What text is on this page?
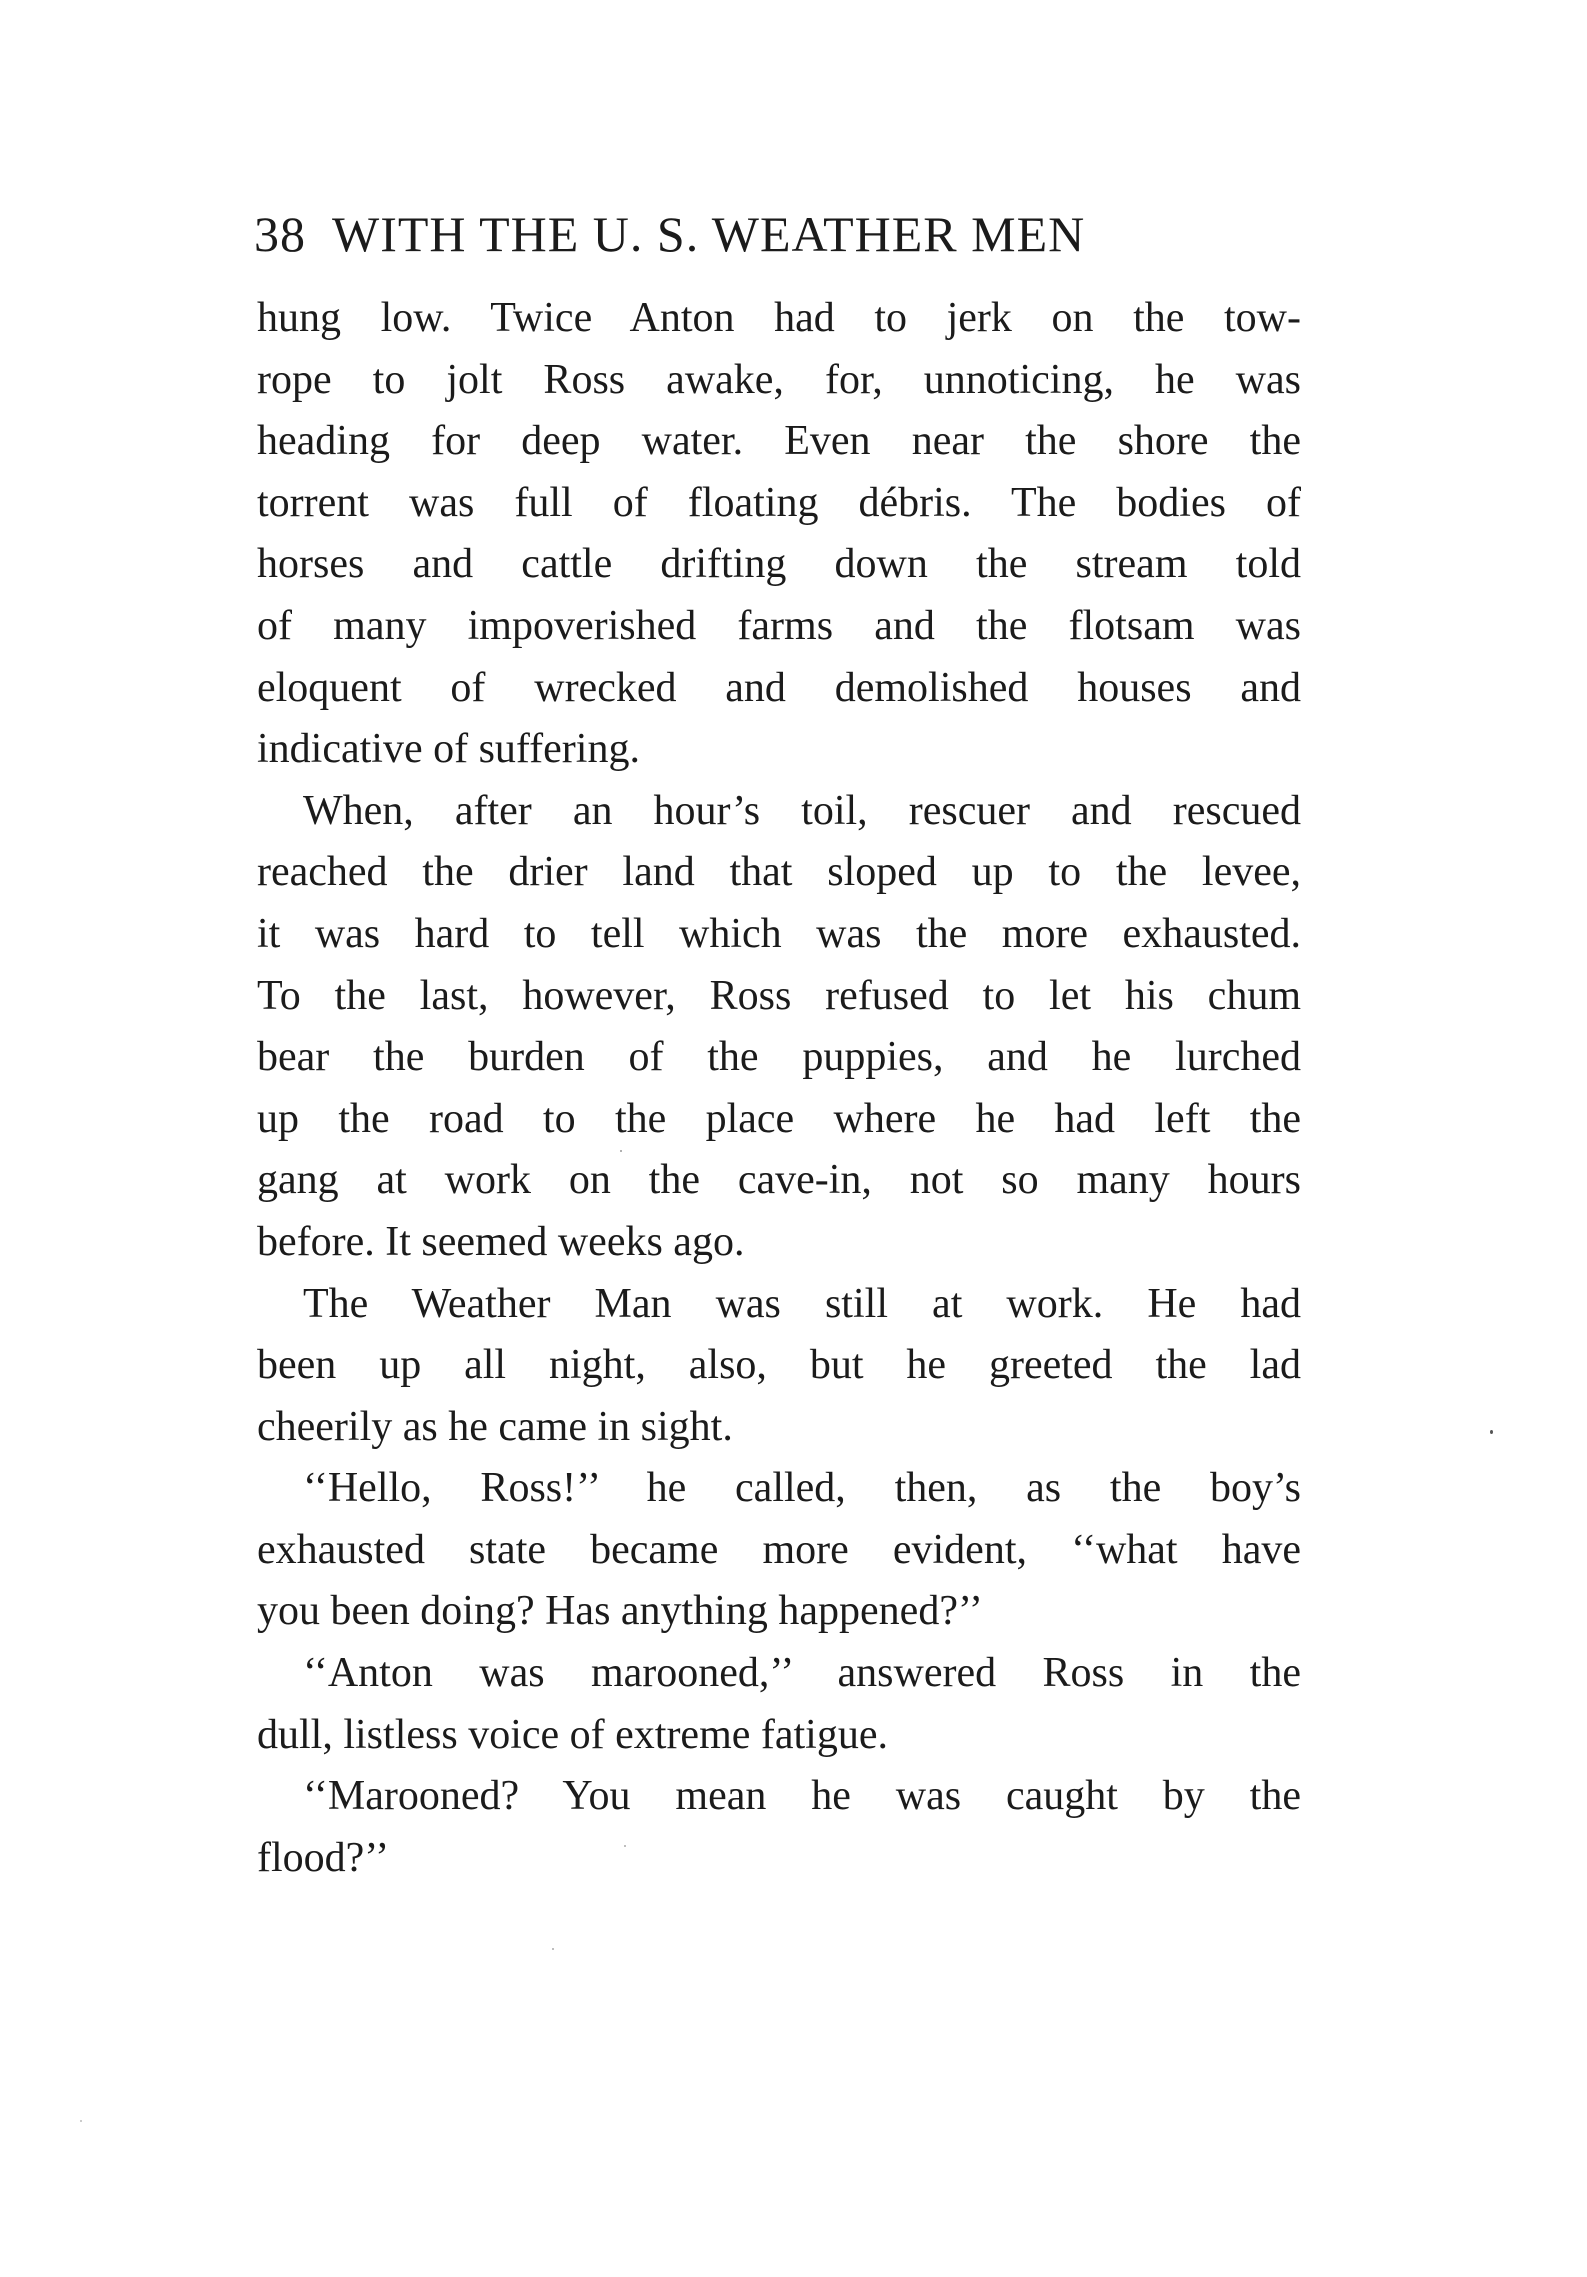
38 WITH THE U. S. WEATHER MEN
hung low. Twice Anton had to jerk on the tow-
rope to jolt Ross awake, for, unnoticing, he was
heading for deep water. Even near the shore the
torrent was full of floating débris. The bodies of
horses and cattle drifting down the stream told
of many impoverished farms and the flotsam was
eloquent of wrecked and demolished houses and
indicative of suffering.
When, after an hour’s toil, rescuer and rescued
reached the drier land that sloped up to the levee,
it was hard to tell which was the more exhausted.
To the last, however, Ross refused to let his chum
bear the burden of the puppies, and he lurched
up the road to the place where he had left the
gang at work on the cave-in, not so many hours
before. It seemed weeks ago.
The Weather Man was still at work. He had
been up all night, also, but he greeted the lad
cheerily as he came in sight.
‘‘Hello, Ross!’’ he called, then, as the boy’s
exhausted state became more evident, ‘‘what have
you been doing? Has anything happened?’’
‘‘Anton was marooned,’’ answered Ross in the
dull, listless voice of extreme fatigue.
‘‘Marooned? You mean he was caught by the
flood?’’
